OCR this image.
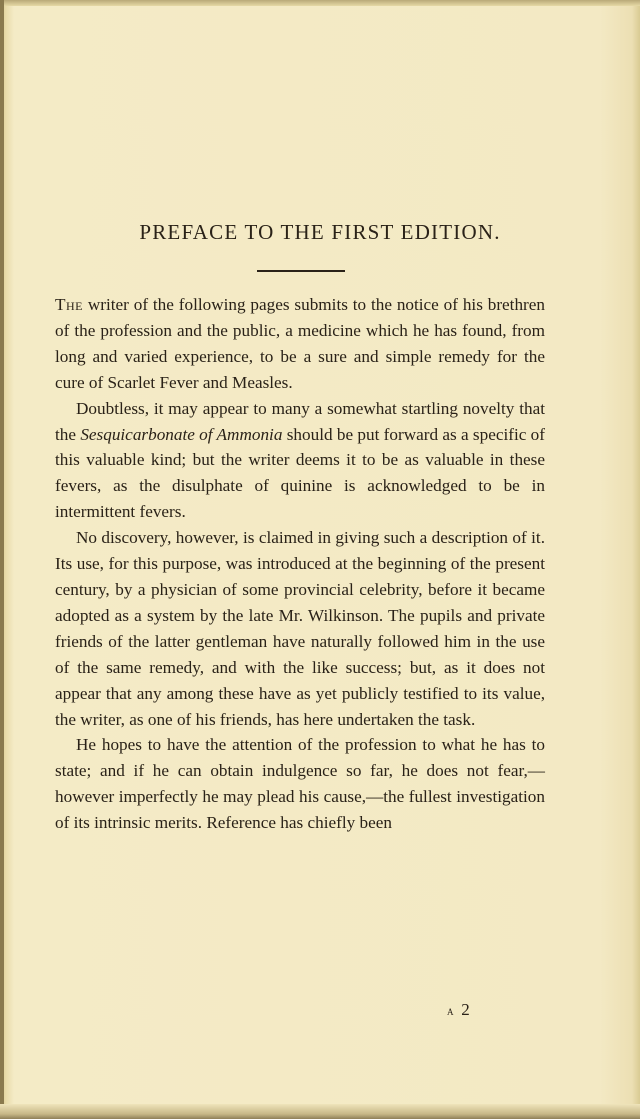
PREFACE TO THE FIRST EDITION.

The writer of the following pages submits to the notice of his brethren of the profession and the public, a medicine which he has found, from long and varied experience, to be a sure and simple remedy for the cure of Scarlet Fever and Measles.

Doubtless, it may appear to many a somewhat startling novelty that the Sesquicarbonate of Ammonia should be put forward as a specific of this valuable kind; but the writer deems it to be as valuable in these fevers, as the disulphate of quinine is acknowledged to be in intermittent fevers.

No discovery, however, is claimed in giving such a description of it. Its use, for this purpose, was introduced at the beginning of the present century, by a physician of some provincial celebrity, before it became adopted as a system by the late Mr. Wilkinson. The pupils and private friends of the latter gentleman have naturally followed him in the use of the same remedy, and with the like success; but, as it does not appear that any among these have as yet publicly testified to its value, the writer, as one of his friends, has here undertaken the task.

He hopes to have the attention of the profession to what he has to state; and if he can obtain indulgence so far, he does not fear,—however imperfectly he may plead his cause,—the fullest investigation of its intrinsic merits. Reference has chiefly been

a 2
